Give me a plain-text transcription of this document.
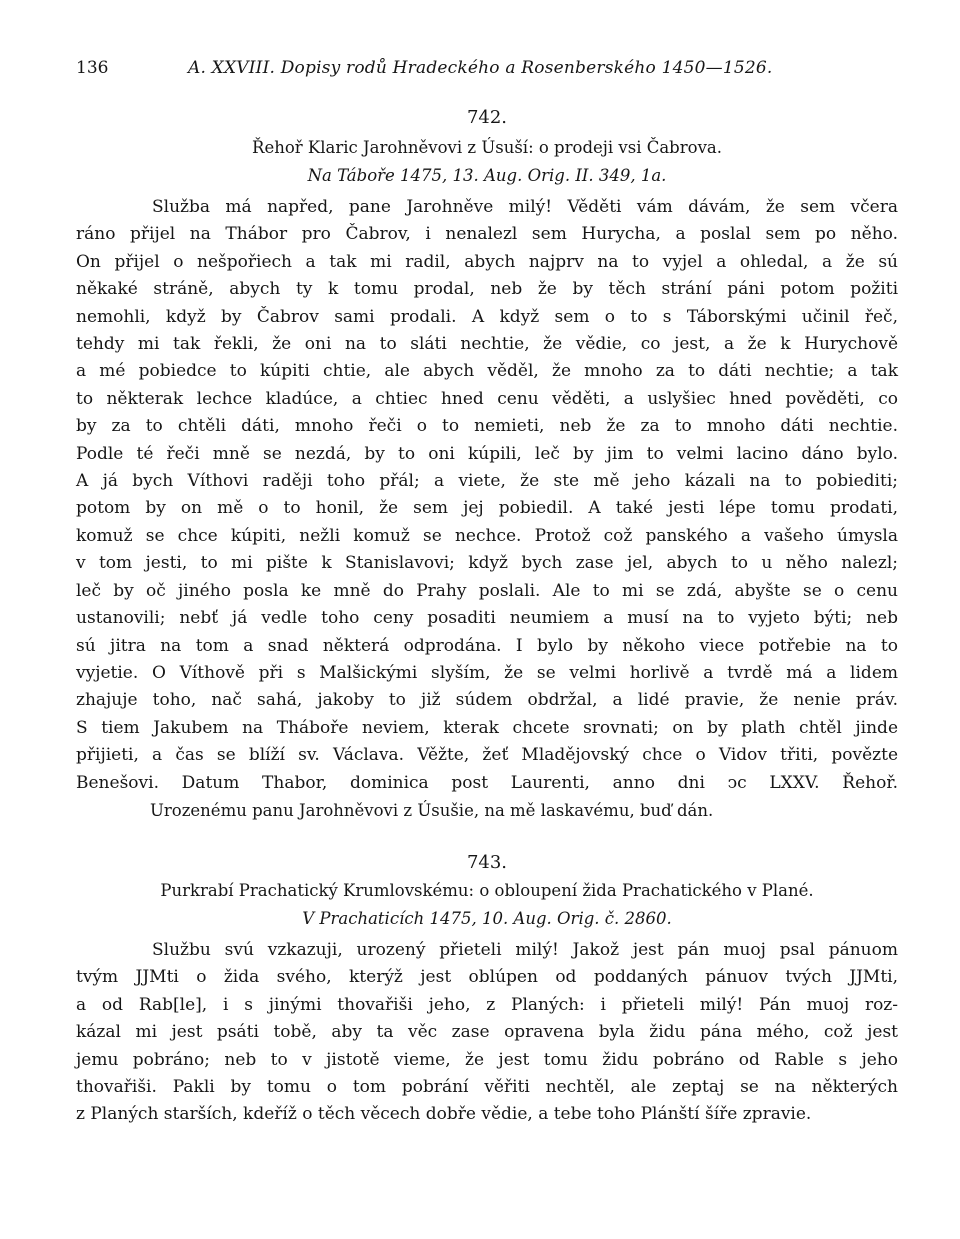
136	A. XXVIII. Dopisy rodů Hradeckého a Rosenberského 1450—1526.
742.
Řehoř Klaric Jarohněvovi z Úsuší: o prodeji vsi Čabrova.
Na Táboře 1475, 13. Aug. Orig. II. 349, 1a.
Služba má napřed, pane Jarohněve milý! Věděti vám dávám, že sem včera
ráno přijel na Thábor pro Čabrov, i nenalezl sem Hurycha, a poslal sem po něho.
On přijel o nešpořiech a tak mi radil, abych najprv na to vyjel a ohledal, a že sú
někaké stráně, abych ty k tomu prodal, neb že by těch strání páni potom požiti
nemohli, když by Čabrov sami prodali. A když sem o to s Táborskými učinil řeč,
tehdy mi tak řekli, že oni na to sláti nechtie, že vědie, co jest, a že k Hurychově
a mé pobiedce to kúpiti chtie, ale abych věděl, že mnoho za to dáti nechtie; a tak
to některak lechce kladúce, a chtiec hned cenu věděti, a uslyšiec hned pověděti, co
by za to chtěli dáti, mnoho řeči o to nemieti, neb že za to mnoho dáti nechtie.
Podle té řeči mně se nezdá, by to oni kúpili, leč by jim to velmi lacino dáno bylo.
A já bych Víthovi raději toho přál; a viete, že ste mě jeho kázali na to pobiediti;
potom by on mě o to honil, že sem jej pobiedil. A také jesti lépe tomu prodati,
komuž se chce kúpiti, nežli komuž se nechce. Protož což panského a vašeho úmysla
v tom jesti, to mi pište k Stanislavovi; když bych zase jel, abych to u něho nalezl;
leč by oč jiného posla ke mně do Prahy poslali. Ale to mi se zdá, abyšte se o cenu
ustanovili; nebť já vedle toho ceny posaditi neumiem a musí na to vyjeto býti; neb
sú jitra na tom a snad některá odprodána. I bylo by někoho viece potřebie na to
vyjetie. O Víthově při s Malšickými slyším, že se velmi horlivě a tvrdě má a lidem
zhajuje toho, nač sahá, jakoby to již súdem obdržal, a lidé pravie, že nenie práv.
S tiem Jakubem na Tháboře neviem, kterak chcete srovnati; on by plath chtěl jinde
přijieti, a čas se blíží sv. Václava. Věžte, žeť Mladějovský chce o Vidov třiti, povězte
Benešovi. Datum Thabor, dominica post Laurenti, anno dni ͻc LXXV. Řehoř.
Urozenému panu Jarohněvovi z Úsušie, na mě laskavému, buď dán.
743.
Purkrabí Prachatický Krumlovskému: o obloupení žida Prachatického v Plané.
V Prachaticích 1475, 10. Aug. Orig. č. 2860.
Službu svú vzkazuji, urozený přieteli milý! Jakož jest pán muoj psal pánuom
tvým JJMti o žida svého, kterýž jest oblúpen od poddaných pánuov tvých JJMti,
a od Rab[le], i s jinými thovařiši jeho, z Planých: i přieteli milý! Pán muoj roz-
kázal mi jest psáti tobě, aby ta věc zase opravena byla židu pána mého, což jest
jemu pobráno; neb to v jistotě vieme, že jest tomu židu pobráno od Rable s jeho
thovařiši. Pakli by tomu o tom pobrání věřiti nechtěl, ale zeptaj se na některých
z Planých starších, kdeříž o těch věcech dobře vědie, a tebe toho Plánští šíře zpravie.
